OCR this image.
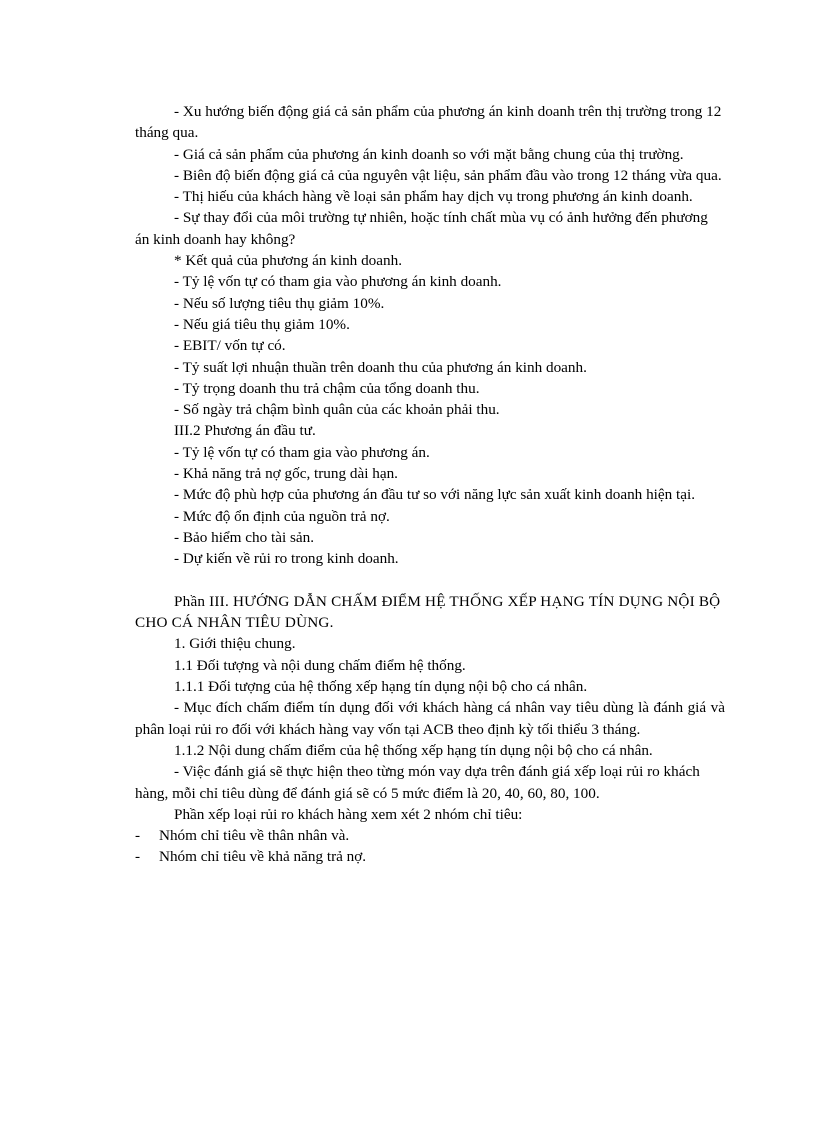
- Xu hướng biến động giá cả sản phẩm của phương án kinh doanh trên thị trường trong 12 tháng qua.

- Giá cả sản phẩm của phương án kinh doanh so với mặt bằng chung của thị trường.

- Biên độ biến động giá cả của nguyên vật liệu, sản phẩm đầu vào trong 12 tháng vừa qua.

- Thị hiếu của khách hàng về loại sản phẩm hay dịch vụ trong phương án kinh doanh.

- Sự thay đổi của môi trường tự nhiên, hoặc tính chất mùa vụ có ảnh hưởng đến phương án kinh doanh hay không?

* Kết quả của phương án kinh doanh.

- Tỷ lệ vốn tự có tham gia vào phương án kinh doanh.

- Nếu số lượng tiêu thụ giảm 10%.

- Nếu giá tiêu thụ giảm 10%.

- EBIT/ vốn tự có.

- Tỷ suất lợi nhuận thuần trên doanh thu của phương án kinh doanh.

- Tỷ trọng doanh thu trả chậm của tổng doanh thu.

- Số ngày trả chậm bình quân của các khoản phải thu.

III.2 Phương án đầu tư.

- Tỷ lệ vốn tự có tham gia vào phương án.

- Khả năng trả nợ gốc, trung dài hạn.

- Mức độ phù hợp của phương án đầu tư so với năng lực sản xuất kinh doanh hiện tại.

- Mức độ ổn định của nguồn trả nợ.

- Bảo hiểm cho tài sản.

- Dự kiến về rủi ro trong kinh doanh.

Phần III. HƯỚNG DẪN CHẤM ĐIỂM HỆ THỐNG XẾP HẠNG TÍN DỤNG NỘI BỘ CHO CÁ NHÂN TIÊU DÙNG.

1. Giới thiệu chung.

1.1 Đối tượng và nội dung chấm điểm hệ thống.

1.1.1 Đối tượng của hệ thống xếp hạng tín dụng nội bộ cho cá nhân.

- Mục đích chấm điểm tín dụng đối với khách hàng cá nhân vay tiêu dùng là đánh giá và phân loại rủi ro đối với khách hàng vay vốn tại ACB theo định kỳ tối thiểu 3 tháng.

1.1.2 Nội dung chấm điểm của hệ thống xếp hạng tín dụng nội bộ cho cá nhân.

- Việc đánh giá sẽ thực hiện theo từng món vay dựa trên đánh giá xếp loại rủi ro khách hàng, mỗi chỉ tiêu dùng để đánh giá sẽ có 5 mức điểm là 20, 40, 60, 80, 100.

Phần xếp loại rủi ro khách hàng xem xét 2 nhóm chỉ tiêu:

-	Nhóm chỉ tiêu về thân nhân và.
-	Nhóm chỉ tiêu về khả năng trả nợ.
